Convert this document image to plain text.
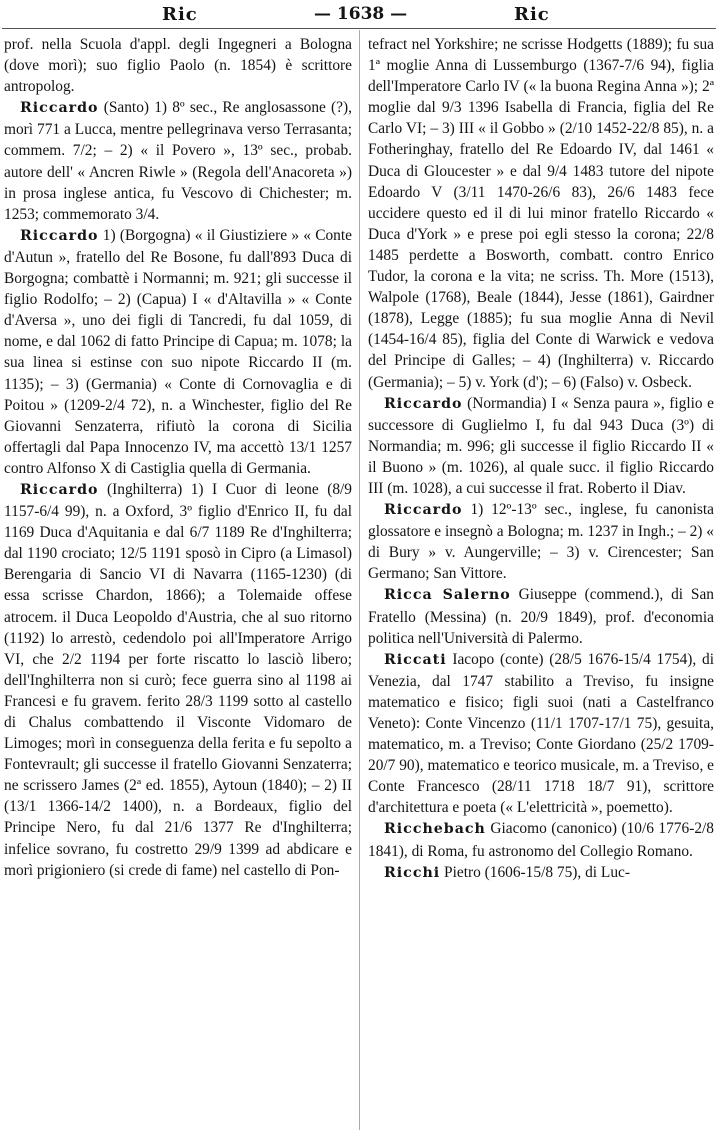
Ric	— 1638 —	Ric

prof. nella Scuola d'appl. degli Ingegneri a Bologna (dove morì); suo figlio Paolo (n. 1854) è scrittore antropolog.

Riccardo (Santo) 1) 8º sec., Re anglosassone (?), morì 771 a Lucca, mentre pellegrinava verso Terrasanta; commem. 7/2; – 2) « il Povero », 13º sec., probab. autore dell' « Ancren Riwle » (Regola dell'Anacoreta ») in prosa inglese antica, fu Vescovo di Chichester; m. 1253; commemorato 3/4.

Riccardo 1) (Borgogna) « il Giustiziere » « Conte d'Autun », fratello del Re Bosone, fu dall'893 Duca di Borgogna; combattè i Normanni; m. 921; gli successe il figlio Rodolfo; – 2) (Capua) I « d'Altavilla » « Conte d'Aversa », uno dei figli di Tancredi, fu dal 1059, di nome, e dal 1062 di fatto Principe di Capua; m. 1078; la sua linea si estinse con suo nipote Riccardo II (m. 1135); – 3) (Germania) « Conte di Cornovaglia e di Poitou » (1209-2/4 72), n. a Winchester, figlio del Re Giovanni Senzaterra, rifiutò la corona di Sicilia offertagli dal Papa Innocenzo IV, ma accettò 13/1 1257 contro Alfonso X di Castiglia quella di Germania.

Riccardo (Inghilterra) 1) I Cuor di leone (8/9 1157-6/4 99), n. a Oxford, 3º figlio d'Enrico II, fu dal 1169 Duca d'Aquitania e dal 6/7 1189 Re d'Inghilterra; dal 1190 crociato; 12/5 1191 sposò in Cipro (a Limasol) Berengaria di Sancio VI di Navarra (1165-1230) (di essa scrisse Chardon, 1866); a Tolemaide offese atrocem. il Duca Leopoldo d'Austria, che al suo ritorno (1192) lo arrestò, cedendolo poi all'Imperatore Arrigo VI, che 2/2 1194 per forte riscatto lo lasciò libero; dell'Inghilterra non si curò; fece guerra sino al 1198 ai Francesi e fu gravem. ferito 28/3 1199 sotto al castello di Chalus combattendo il Visconte Vidomaro de Limoges; morì in conseguenza della ferita e fu sepolto a Fontevrault; gli successe il fratello Giovanni Senzaterra; ne scrissero James (2ª ed. 1855), Aytoun (1840); – 2) II (13/1 1366-14/2 1400), n. a Bordeaux, figlio del Principe Nero, fu dal 21/6 1377 Re d'Inghilterra; infelice sovrano, fu costretto 29/9 1399 ad abdicare e morì prigioniero (si crede di fame) nel castello di Pon-

tefract nel Yorkshire; ne scrisse Hodgetts (1889); fu sua 1ª moglie Anna di Lussemburgo (1367-7/6 94), figlia dell'Imperatore Carlo IV (« la buona Regina Anna »); 2ª moglie dal 9/3 1396 Isabella di Francia, figlia del Re Carlo VI; – 3) III « il Gobbo » (2/10 1452-22/8 85), n. a Fotheringhay, fratello del Re Edoardo IV, dal 1461 « Duca di Gloucester » e dal 9/4 1483 tutore del nipote Edoardo V (3/11 1470-26/6 83), 26/6 1483 fece uccidere questo ed il di lui minor fratello Riccardo « Duca d'York » e prese poi egli stesso la corona; 22/8 1485 perdette a Bosworth, combatt. contro Enrico Tudor, la corona e la vita; ne scriss. Th. More (1513), Walpole (1768), Beale (1844), Jesse (1861), Gairdner (1878), Legge (1885); fu sua moglie Anna di Nevil (1454-16/4 85), figlia del Conte di Warwick e vedova del Principe di Galles; – 4) (Inghilterra) v. Riccardo (Germania); – 5) v. York (d'); – 6) (Falso) v. Osbeck.

Riccardo (Normandia) I « Senza paura », figlio e successore di Guglielmo I, fu dal 943 Duca (3º) di Normandia; m. 996; gli successe il figlio Riccardo II « il Buono » (m. 1026), al quale succ. il figlio Riccardo III (m. 1028), a cui successe il frat. Roberto il Diav.

Riccardo 1) 12º-13º sec., inglese, fu canonista glossatore e insegnò a Bologna; m. 1237 in Ingh.; – 2) « di Bury » v. Aungerville; – 3) v. Cirencester; San Germano; San Vittore.

Ricca Salerno Giuseppe (commend.), di San Fratello (Messina) (n. 20/9 1849), prof. d'economia politica nell'Università di Palermo.

Riccati Iacopo (conte) (28/5 1676-15/4 1754), di Venezia, dal 1747 stabilito a Treviso, fu insigne matematico e fisico; figli suoi (nati a Castelfranco Veneto): Conte Vincenzo (11/1 1707-17/1 75), gesuita, matematico, m. a Treviso; Conte Giordano (25/2 1709-20/7 90), matematico e teorico musicale, m. a Treviso, e Conte Francesco (28/11 1718 18/7 91), scrittore d'architettura e poeta (« L'elettricità », poemetto).

Ricchebach Giacomo (canonico) (10/6 1776-2/8 1841), di Roma, fu astronomo del Collegio Romano.

Ricchi Pietro (1606-15/8 75), di Luc-
